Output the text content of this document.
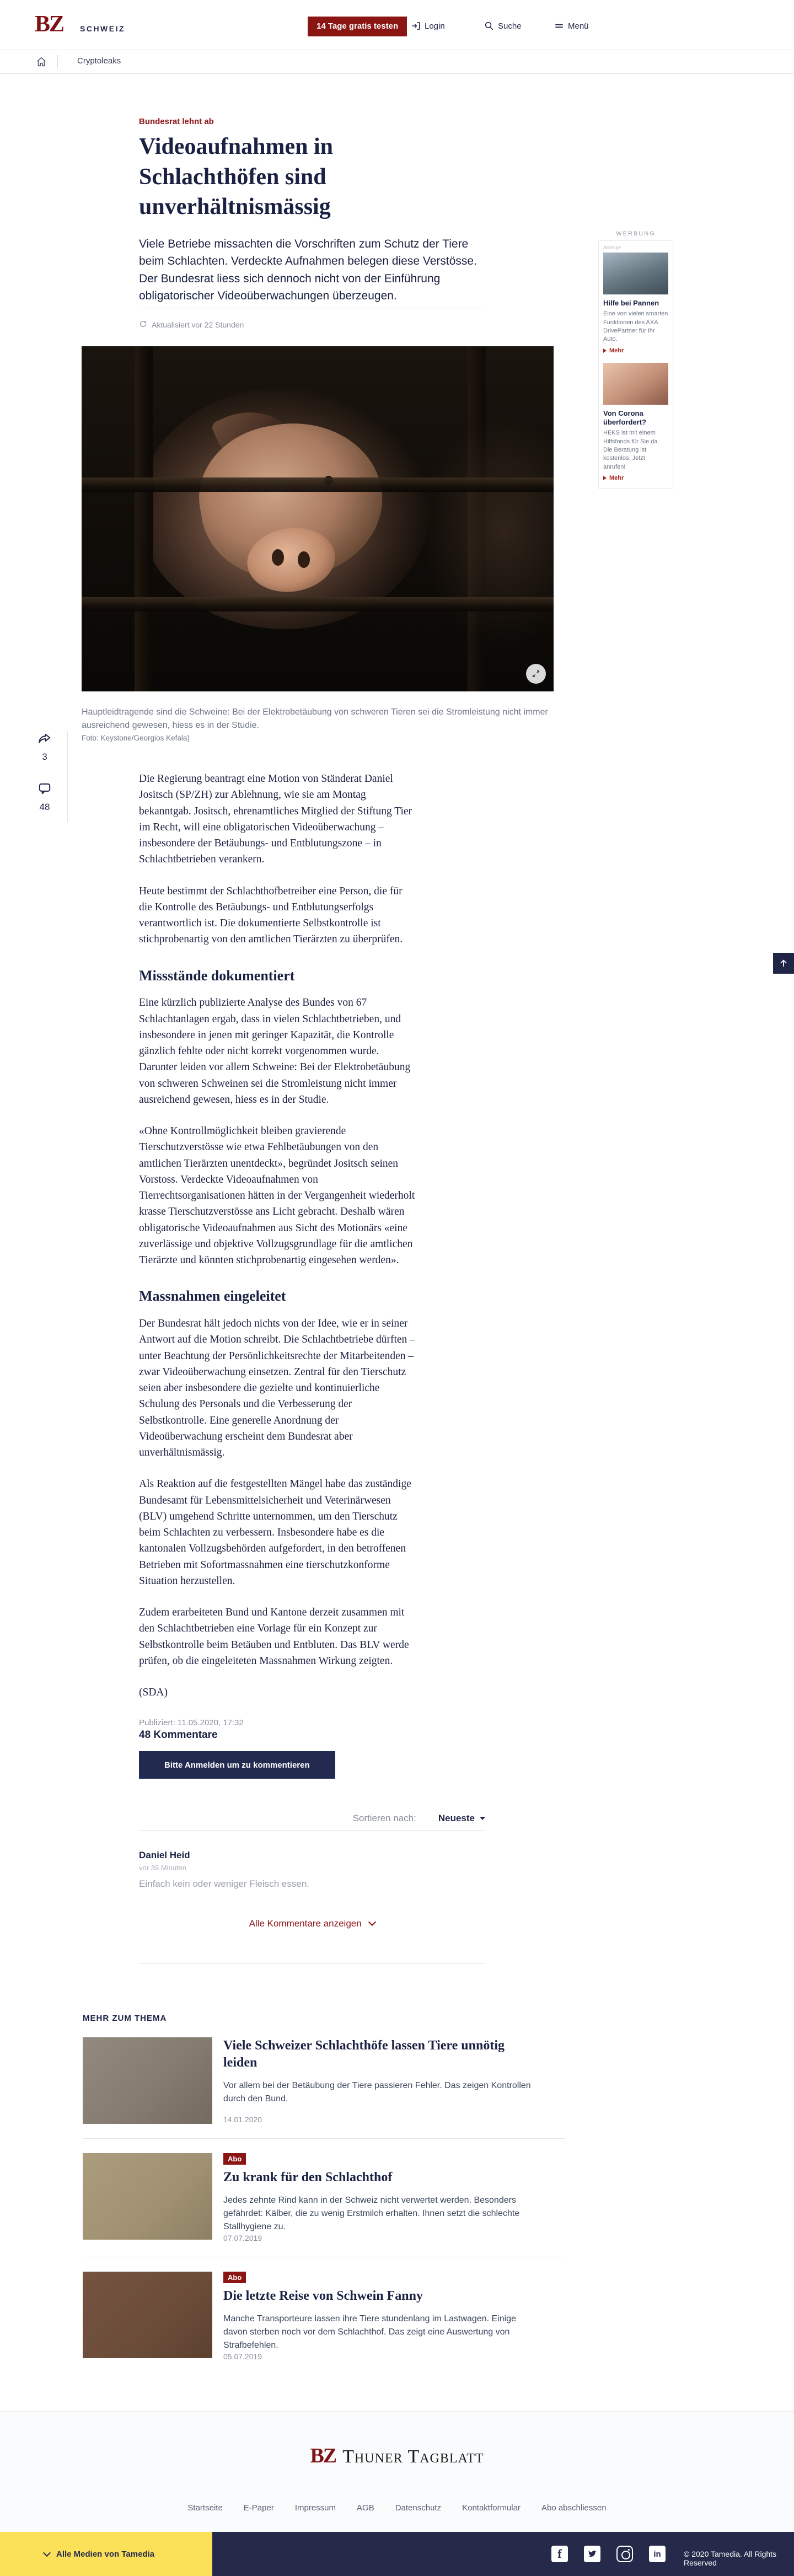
BZ SCHWEIZ	14 Tage gratis testen	Login	Suche	Menü
Cryptoleaks

Bundesrat lehnt ab

Videoaufnahmen in Schlachthöfen sind unverhältnismässig

Viele Betriebe missachten die Vorschriften zum Schutz der Tiere beim Schlachten. Verdeckte Aufnahmen belegen diese Verstösse. Der Bundesrat liess sich dennoch nicht von der Einführung obligatorischer Videoüberwachungen überzeugen.

Aktualisiert vor 22 Stunden
Hauptleidtragende sind die Schweine: Bei der Elektrobetäubung von schweren Tieren sei die Stromleistung nicht immer ausreichend gewesen, hiess es in der Studie.
Foto: Keystone/Georgios Kefala)
3
48

Die Regierung beantragt eine Motion von Ständerat Daniel Jositsch (SP/ZH) zur Ablehnung, wie sie am Montag bekanntgab. Jositsch, ehrenamtliches Mitglied der Stiftung Tier im Recht, will eine obligatorischen Videoüberwachung – insbesondere der Betäubungs- und Entblutungszone – in Schlachtbetrieben verankern.

Heute bestimmt der Schlachthofbetreiber eine Person, die für die Kontrolle des Betäubungs- und Entblutungserfolgs verantwortlich ist. Die dokumentierte Selbstkontrolle ist stichprobenartig von den amtlichen Tierärzten zu überprüfen.

Missstände dokumentiert

Eine kürzlich publizierte Analyse des Bundes von 67 Schlachtanlagen ergab, dass in vielen Schlachtbetrieben, und insbesondere in jenen mit geringer Kapazität, die Kontrolle gänzlich fehlte oder nicht korrekt vorgenommen wurde. Darunter leiden vor allem Schweine: Bei der Elektrobetäubung von schweren Schweinen sei die Stromleistung nicht immer ausreichend gewesen, hiess es in der Studie.

«Ohne Kontrollmöglichkeit bleiben gravierende Tierschutzverstösse wie etwa Fehlbetäubungen von den amtlichen Tierärzten unentdeckt», begründet Jositsch seinen Vorstoss. Verdeckte Videoaufnahmen von Tierrechtsorganisationen hätten in der Vergangenheit wiederholt krasse Tierschutzverstösse ans Licht gebracht. Deshalb wären obligatorische Videoaufnahmen aus Sicht des Motionärs «eine zuverlässige und objektive Vollzugsgrundlage für die amtlichen Tierärzte und könnten stichprobenartig eingesehen werden».

Massnahmen eingeleitet

Der Bundesrat hält jedoch nichts von der Idee, wie er in seiner Antwort auf die Motion schreibt. Die Schlachtbetriebe dürften – unter Beachtung der Persönlichkeitsrechte der Mitarbeitenden – zwar Videoüberwachung einsetzen. Zentral für den Tierschutz seien aber insbesondere die gezielte und kontinuierliche Schulung des Personals und die Verbesserung der Selbstkontrolle. Eine generelle Anordnung der Videoüberwachung erscheint dem Bundesrat aber unverhältnismässig.

Als Reaktion auf die festgestellten Mängel habe das zuständige Bundesamt für Lebensmittelsicherheit und Veterinärwesen (BLV) umgehend Schritte unternommen, um den Tierschutz beim Schlachten zu verbessern. Insbesondere habe es die kantonalen Vollzugsbehörden aufgefordert, in den betroffenen Betrieben mit Sofortmassnahmen eine tierschutzkonforme Situation herzustellen.

Zudem erarbeiteten Bund und Kantone derzeit zusammen mit den Schlachtbetrieben eine Vorlage für ein Konzept zur Selbstkontrolle beim Betäuben und Entbluten. Das BLV werde prüfen, ob die eingeleiteten Massnahmen Wirkung zeigten.

(SDA)

Publiziert: 11.05.2020, 17:32
48 Kommentare
Bitte Anmelden um zu kommentieren
Sortieren nach: Neueste
Daniel Heid
vor 39 Minuten
Einfach kein oder weniger Fleisch essen.
Alle Kommentare anzeigen
MEHR ZUM THEMA
Viele Schweizer Schlachthöfe lassen Tiere unnötig leiden
Vor allem bei der Betäubung der Tiere passieren Fehler. Das zeigen Kontrollen durch den Bund.
14.01.2020
Abo
Zu krank für den Schlachthof
Jedes zehnte Rind kann in der Schweiz nicht verwertet werden. Besonders gefährdet: Kälber, die zu wenig Erstmilch erhalten. Ihnen setzt die schlechte Stallhygiene zu.
07.07.2019
Abo
Die letzte Reise von Schwein Fanny
Manche Transporteure lassen ihre Tiere stundenlang im Lastwagen. Einige davon sterben noch vor dem Schlachthof. Das zeigt eine Auswertung von Strafbefehlen.
05.07.2019
WERBUNG
Anzeige
Hilfe bei Pannen
Eine von vielen smarten Funktionen des AXA DrivePartner für Ihr Auto.
Mehr
Von Corona überfordert?
HEKS ist mit einem Hilfsfonds für Sie da. Die Beratung ist kostenlos. Jetzt anrufen!
Mehr
BZ Thuner Tagblatt
Startseite	E-Paper	Impressum	AGB	Datenschutz	Kontaktformular	Abo abschliessen
Alle Medien von Tamedia	f	in	© 2020 Tamedia. All Rights Reserved
